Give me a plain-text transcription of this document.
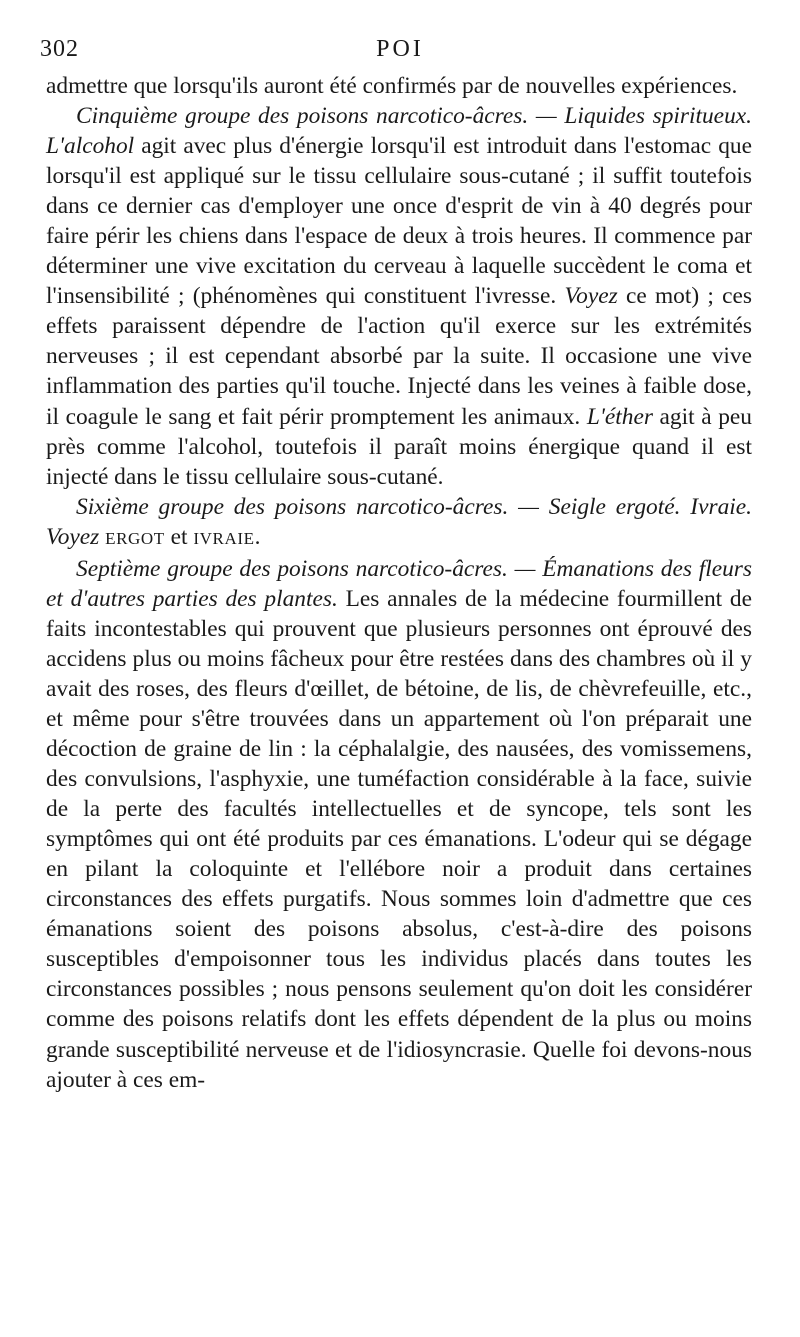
302	POI

admettre que lorsqu'ils auront été confirmés par de nouvelles expériences.

Cinquième groupe des poisons narcotico-âcres. — Liquides spiritueux. L'alcohol agit avec plus d'énergie lorsqu'il est introduit dans l'estomac que lorsqu'il est appliqué sur le tissu cellulaire sous-cutané ; il suffit toutefois dans ce dernier cas d'employer une once d'esprit de vin à 40 degrés pour faire périr les chiens dans l'espace de deux à trois heures. Il commence par déterminer une vive excitation du cerveau à laquelle succèdent le coma et l'insensibilité ; (phénomènes qui constituent l'ivresse. Voyez ce mot) ; ces effets paraissent dépendre de l'action qu'il exerce sur les extrémités nerveuses ; il est cependant absorbé par la suite. Il occasione une vive inflammation des parties qu'il touche. Injecté dans les veines à faible dose, il coagule le sang et fait périr promptement les animaux. L'éther agit à peu près comme l'alcohol, toutefois il paraît moins énergique quand il est injecté dans le tissu cellulaire sous-cutané.

Sixième groupe des poisons narcotico-âcres. — Seigle ergoté. Ivraie. Voyez ERGOT et IVRAIE.

Septième groupe des poisons narcotico-âcres. — Émanations des fleurs et d'autres parties des plantes. Les annales de la médecine fourmillent de faits incontestables qui prouvent que plusieurs personnes ont éprouvé des accidens plus ou moins fâcheux pour être restées dans des chambres où il y avait des roses, des fleurs d'œillet, de bétoine, de lis, de chèvrefeuille, etc., et même pour s'être trouvées dans un appartement où l'on préparait une décoction de graine de lin : la céphalalgie, des nausées, des vomissemens, des convulsions, l'asphyxie, une tuméfaction considérable à la face, suivie de la perte des facultés intellectuelles et de syncope, tels sont les symptômes qui ont été produits par ces émanations. L'odeur qui se dégage en pilant la coloquinte et l'ellébore noir a produit dans certaines circonstances des effets purgatifs. Nous sommes loin d'admettre que ces émanations soient des poisons absolus, c'est-à-dire des poisons susceptibles d'empoisonner tous les individus placés dans toutes les circonstances possibles ; nous pensons seulement qu'on doit les considérer comme des poisons relatifs dont les effets dépendent de la plus ou moins grande susceptibilité nerveuse et de l'idiosyncrasie. Quelle foi devons-nous ajouter à ces em-
